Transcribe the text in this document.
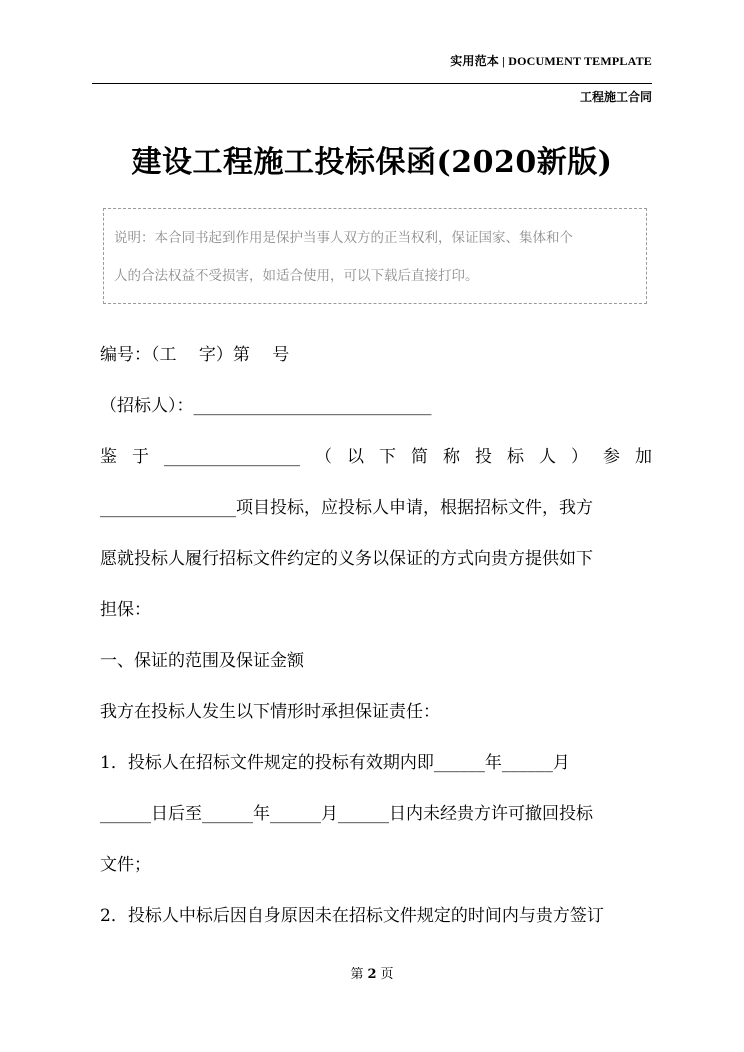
实用范本 | DOCUMENT TEMPLATE
工程施工合同
建设工程施工投标保函(2020新版)
说明：本合同书起到作用是保护当事人双方的正当权利，保证国家、集体和个
人的合法权益不受损害，如适合使用，可以下载后直接打印。
编号：（工　 字）第　 号
（招标人）：____________________________
鉴 于 ________________ （ 以 下 简 称 投 标 人 ） 参 加
________________项目投标，应投标人申请，根据招标文件，我方
愿就投标人履行招标文件约定的义务以保证的方式向贵方提供如下
担保：
一、保证的范围及保证金额
我方在投标人发生以下情形时承担保证责任：
1．投标人在招标文件规定的投标有效期内即______年______月
______日后至______年______月______日内未经贵方许可撤回投标
文件；
2．投标人中标后因自身原因未在招标文件规定的时间内与贵方签订
第 2 页
